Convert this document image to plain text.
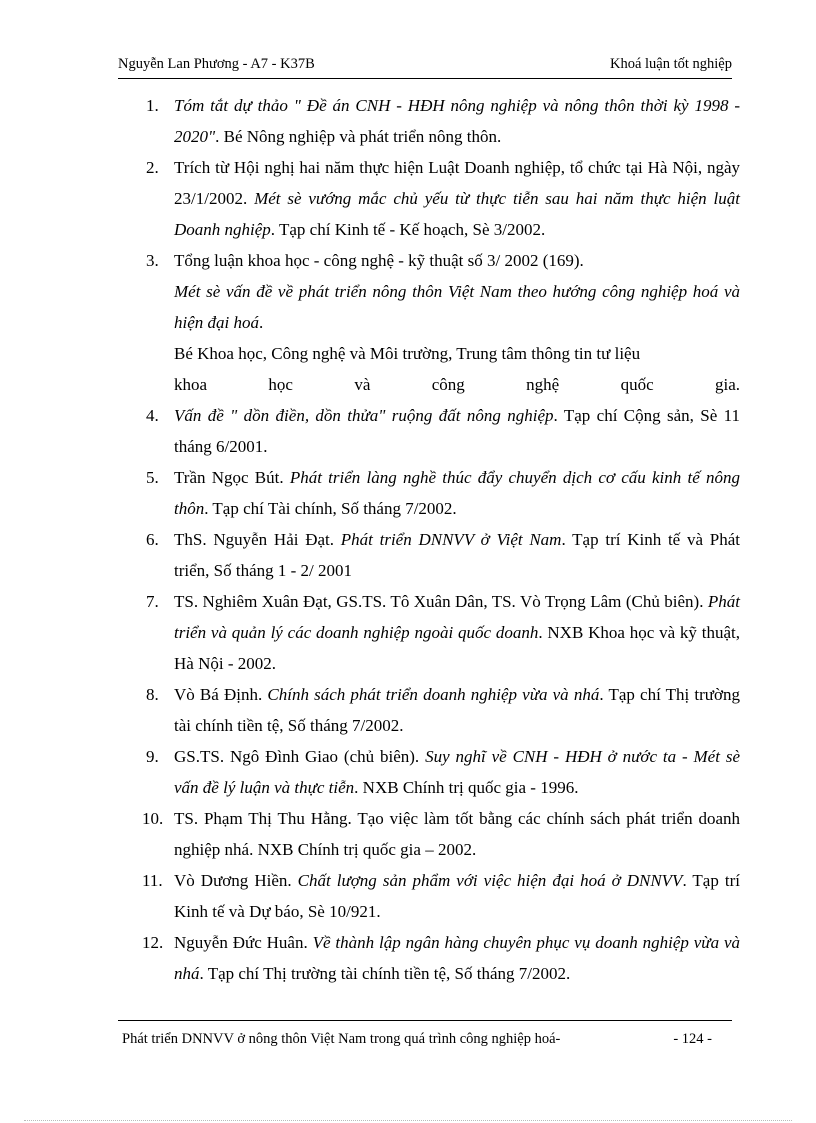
Nguyễn Lan Phương - A7 - K37B	Khoá luận tốt nghiệp
1. Tóm tắt dự thảo " Đề án CNH - HĐH nông nghiệp và nông thôn thời kỳ 1998 - 2020". Bé Nông nghiệp và phát triển nông thôn.
2. Trích từ Hội nghị hai năm thực hiện Luật Doanh nghiệp, tổ chức tại Hà Nội, ngày 23/1/2002. Mét sè vướng mắc chủ yếu từ thực tiễn sau hai năm thực hiện luật Doanh nghiệp. Tạp chí Kinh tế - Kế hoạch, Sè 3/2002.
3. Tổng luận khoa học - công nghệ - kỹ thuật số 3/ 2002 (169).
Mét sè vấn đề về phát triển nông thôn Việt Nam theo hướng công nghiệp hoá và hiện đại hoá.
Bé Khoa học, Công nghệ và Môi trường, Trung tâm thông tin tư liệu
khoa học và công nghệ quốc gia.
4. Vấn đề " dồn điền, dồn thửa" ruộng đất nông nghiệp. Tạp chí Cộng sản, Sè 11 tháng 6/2001.
5. Trần Ngọc Bút. Phát triển làng nghề thúc đẩy chuyển dịch cơ cấu kinh tế nông thôn. Tạp chí Tài chính, Số tháng 7/2002.
6. ThS. Nguyễn Hải Đạt. Phát triển DNNVV ở Việt Nam. Tạp trí Kinh tế và Phát triển, Số tháng 1 - 2/ 2001
7. TS. Nghiêm Xuân Đạt, GS.TS. Tô Xuân Dân, TS. Vò Trọng Lâm (Chủ biên). Phát triển và quản lý các doanh nghiệp ngoài quốc doanh. NXB Khoa học và kỹ thuật, Hà Nội - 2002.
8. Vò Bá Định. Chính sách phát triển doanh nghiệp vừa và nhá. Tạp chí Thị trường tài chính tiền tệ, Số tháng 7/2002.
9. GS.TS. Ngô Đình Giao (chủ biên). Suy nghĩ về CNH - HĐH ở nước ta - Mét sè vấn đề lý luận và thực tiễn. NXB Chính trị quốc gia - 1996.
10. TS. Phạm Thị Thu Hằng. Tạo việc làm tốt bằng các chính sách phát triển doanh nghiệp nhá. NXB Chính trị quốc gia – 2002.
11. Vò Dương Hiền. Chất lượng sản phẩm với việc hiện đại hoá ở DNNVV. Tạp trí Kinh tế và Dự báo, Sè 10/921.
12. Nguyễn Đức Huân. Về thành lập ngân hàng chuyên phục vụ doanh nghiệp vừa và nhá. Tạp chí Thị trường tài chính tiền tệ, Số tháng 7/2002.
Phát triển DNNVV ở nông thôn Việt Nam trong quá trình công nghiệp hoá-	- 124 -
